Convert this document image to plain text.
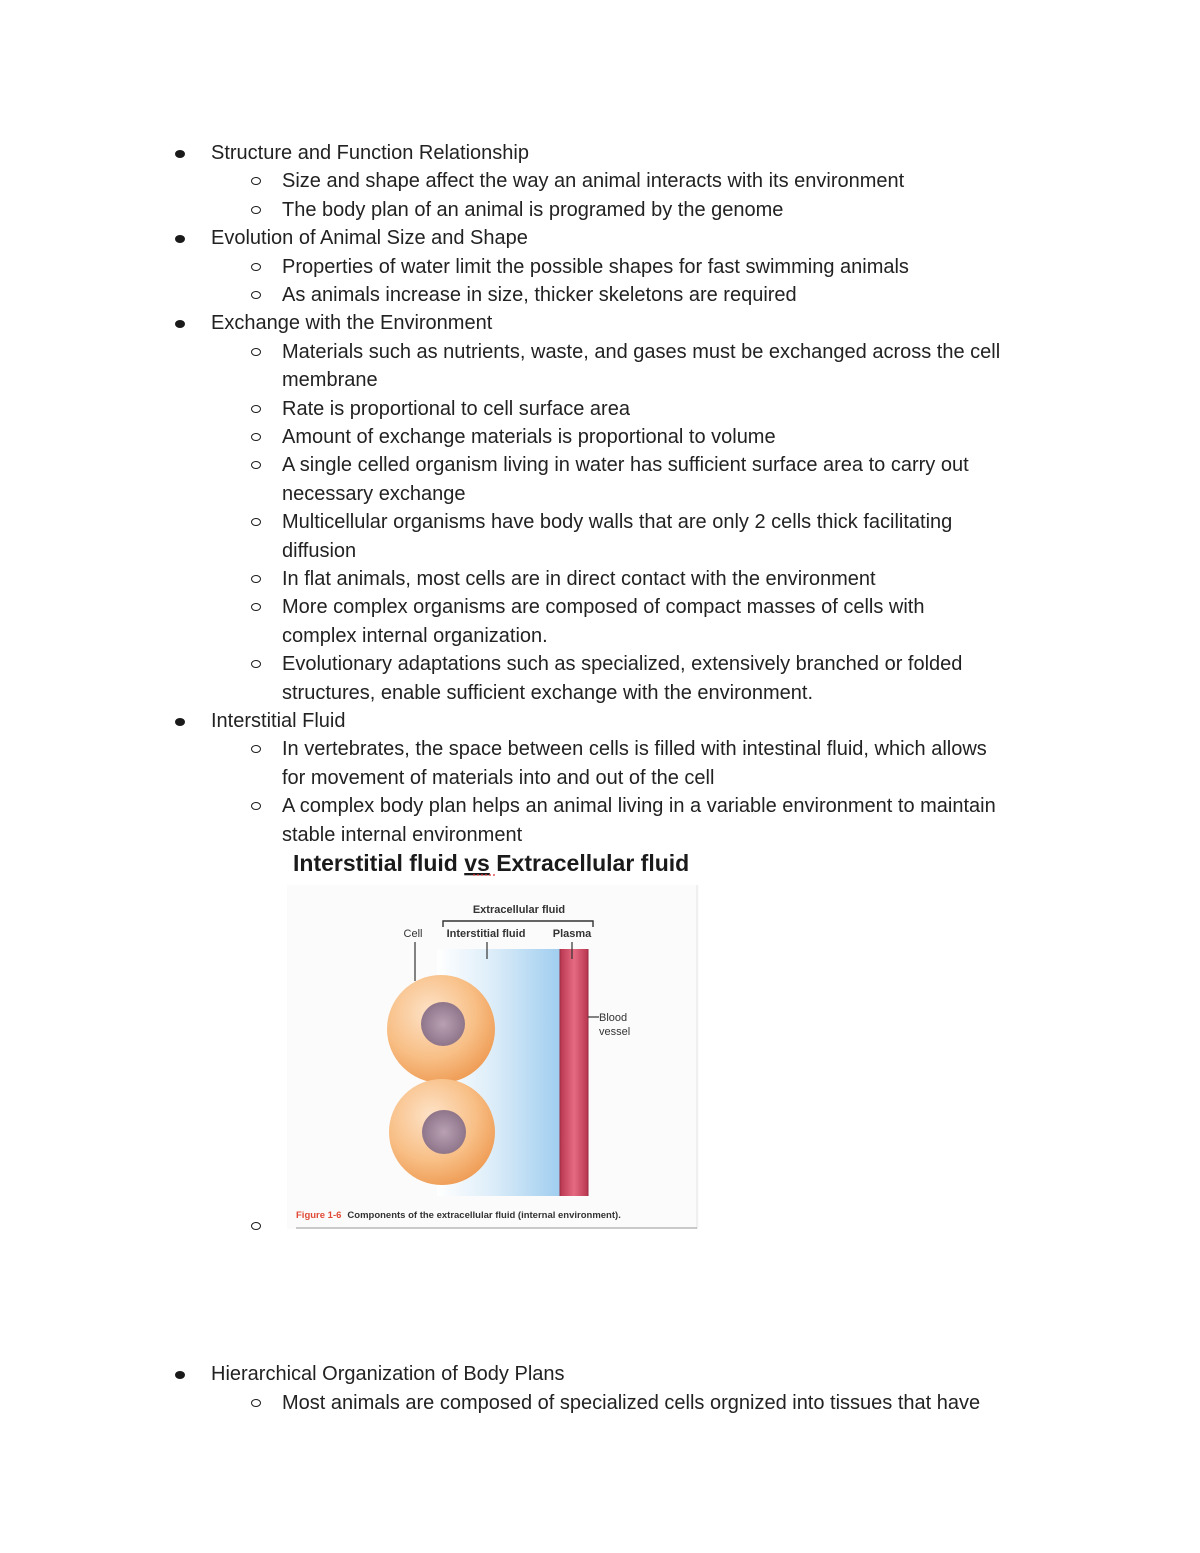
Structure and Function Relationship
Size and shape affect the way an animal interacts with its environment
The body plan of an animal is programed by the genome
Evolution of Animal Size and Shape
Properties of water limit the possible shapes for fast swimming animals
As animals increase in size, thicker skeletons are required
Exchange with the Environment
Materials such as nutrients, waste, and gases must be exchanged across the cell
membrane
Rate is proportional to cell surface area
Amount of exchange materials is proportional to volume
A single celled organism living in water has sufficient surface area to carry out
necessary exchange
Multicellular organisms have body walls that are only 2 cells thick facilitating
diffusion
In flat animals, most cells are in direct contact with the environment
More complex organisms are composed of compact masses of cells with
complex internal organization.
Evolutionary adaptations such as specialized, extensively branched or folded
structures, enable sufficient exchange with the environment.
Interstitial Fluid
In vertebrates, the space between cells is filled with intestinal fluid, which allows
for movement of materials into and out of the cell
A complex body plan helps an animal living in a variable environment to maintain
stable internal environment
Hierarchical Organization of Body Plans
Most animals are composed of specialized cells orgnized into tissues that have
Interstitial fluid vs Extracellular fluid
Extracellular fluid
Cell Interstitial fluid Plasma
Blood vessel
Figure 1-6 Components of the extracellular fluid (internal environment).
